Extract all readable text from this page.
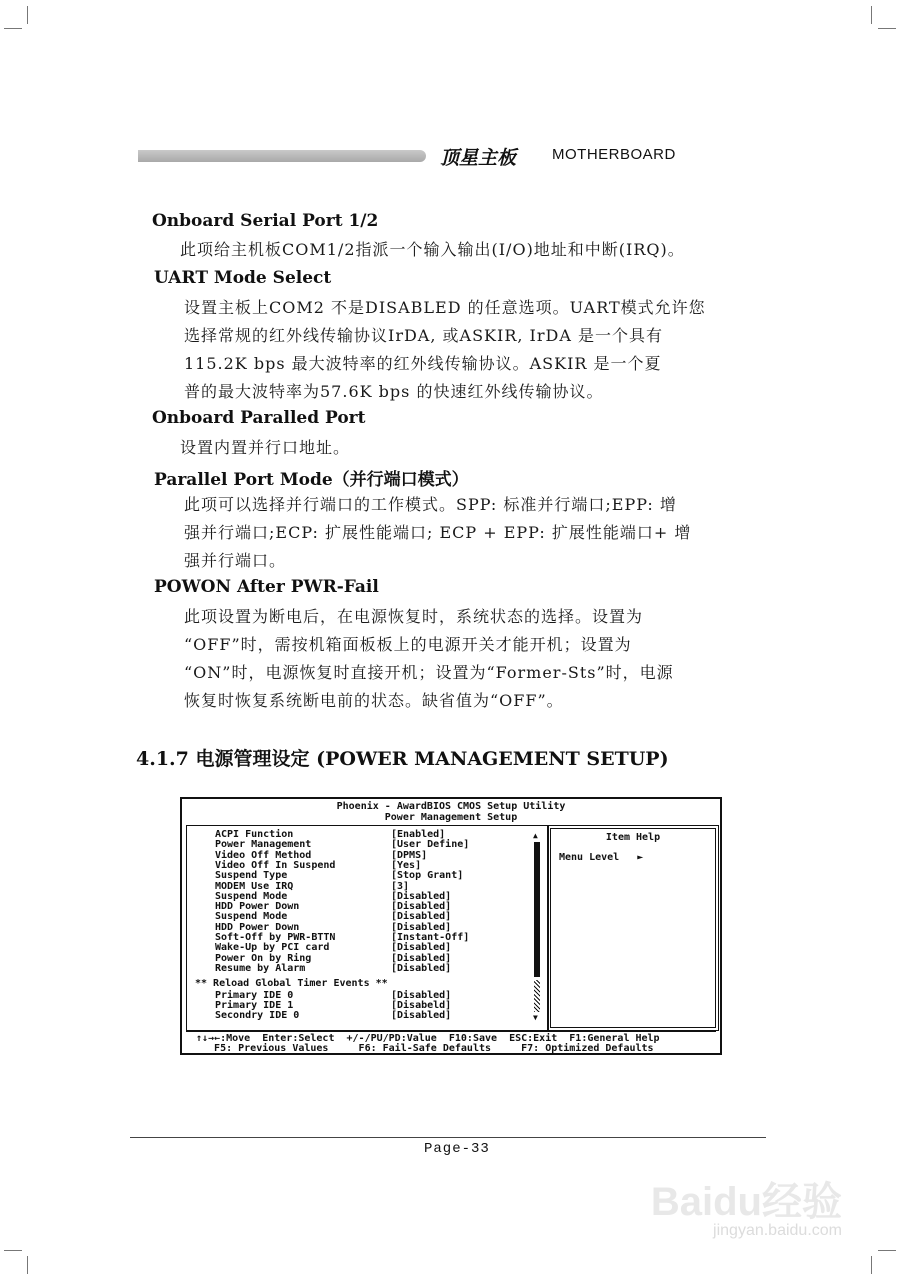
顶星主板 MOTHERBOARD
Onboard Serial Port 1/2
此项给主机板COM1/2指派一个输入输出(I/O)地址和中断(IRQ)。
UART Mode Select
设置主板上COM2 不是DISABLED 的任意选项。UART模式允许您
选择常规的红外线传输协议IrDA, 或ASKIR, IrDA 是一个具有
115.2K bps 最大波特率的红外线传输协议。ASKIR 是一个夏
普的最大波特率为57.6K bps 的快速红外线传输协议。
Onboard Paralled Port
设置内置并行口地址。
Parallel Port Mode（并行端口模式）
此项可以选择并行端口的工作模式。SPP: 标准并行端口;EPP: 增
强并行端口;ECP: 扩展性能端口; ECP + EPP: 扩展性能端口+ 增
强并行端口。
POWON After PWR-Fail
此项设置为断电后，在电源恢复时，系统状态的选择。设置为
“OFF”时，需按机箱面板板上的电源开关才能开机；设置为
“ON”时，电源恢复时直接开机；设置为“Former-Sts”时，电源
恢复时恢复系统断电前的状态。缺省值为“OFF”。
4.1.7 电源管理设定 (POWER MANAGEMENT SETUP)
Phoenix - AwardBIOS CMOS Setup Utility
Power Management Setup
ACPI Function	[Enabled]
Power Management	[User Define]
Video Off Method	[DPMS]
Video Off In Suspend	[Yes]
Suspend Type	[Stop Grant]
MODEM Use IRQ	[3]
Suspend Mode	[Disabled]
HDD Power Down	[Disabled]
Suspend Mode	[Disabled]
HDD Power Down	[Disabled]
Soft-Off by PWR-BTTN	[Instant-Off]
Wake-Up by PCI card	[Disabled]
Power On by Ring	[Disabled]
Resume by Alarm	[Disabled]
** Reload Global Timer Events **
Primary IDE 0	[Disabled]
Primary IDE 1	[Disabeld]
Secondry IDE 0	[Disabled]
▲
▼
Item Help
Menu Level ►
↑↓→←:Move  Enter:Select  +/-/PU/PD:Value  F10:Save  ESC:Exit  F1:General Help
F5: Previous Values     F6: Fail-Safe Defaults     F7: Optimized Defaults
Page-33
Baidu经验
jingyan.baidu.com
